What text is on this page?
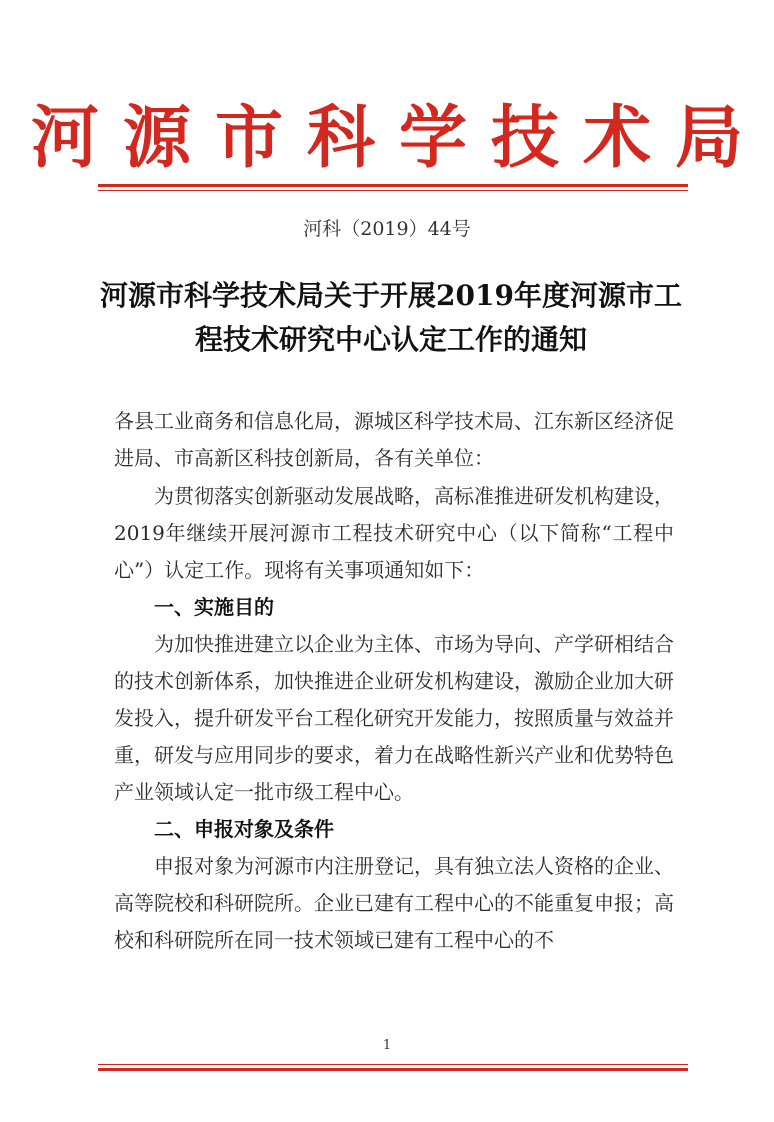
河源市科学技术局
河科（2019）44号
河源市科学技术局关于开展2019年度河源市工程技术研究中心认定工作的通知
各县工业商务和信息化局，源城区科学技术局、江东新区经济促进局、市高新区科技创新局，各有关单位：
为贯彻落实创新驱动发展战略，高标准推进研发机构建设，2019年继续开展河源市工程技术研究中心（以下简称“工程中心”）认定工作。现将有关事项通知如下：
一、实施目的
为加快推进建立以企业为主体、市场为导向、产学研相结合的技术创新体系，加快推进企业研发机构建设，激励企业加大研发投入，提升研发平台工程化研究开发能力，按照质量与效益并重，研发与应用同步的要求，着力在战略性新兴产业和优势特色产业领域认定一批市级工程中心。
二、申报对象及条件
申报对象为河源市内注册登记，具有独立法人资格的企业、高等院校和科研院所。企业已建有工程中心的不能重复申报；高校和科研院所在同一技术领域已建有工程中心的不
1
